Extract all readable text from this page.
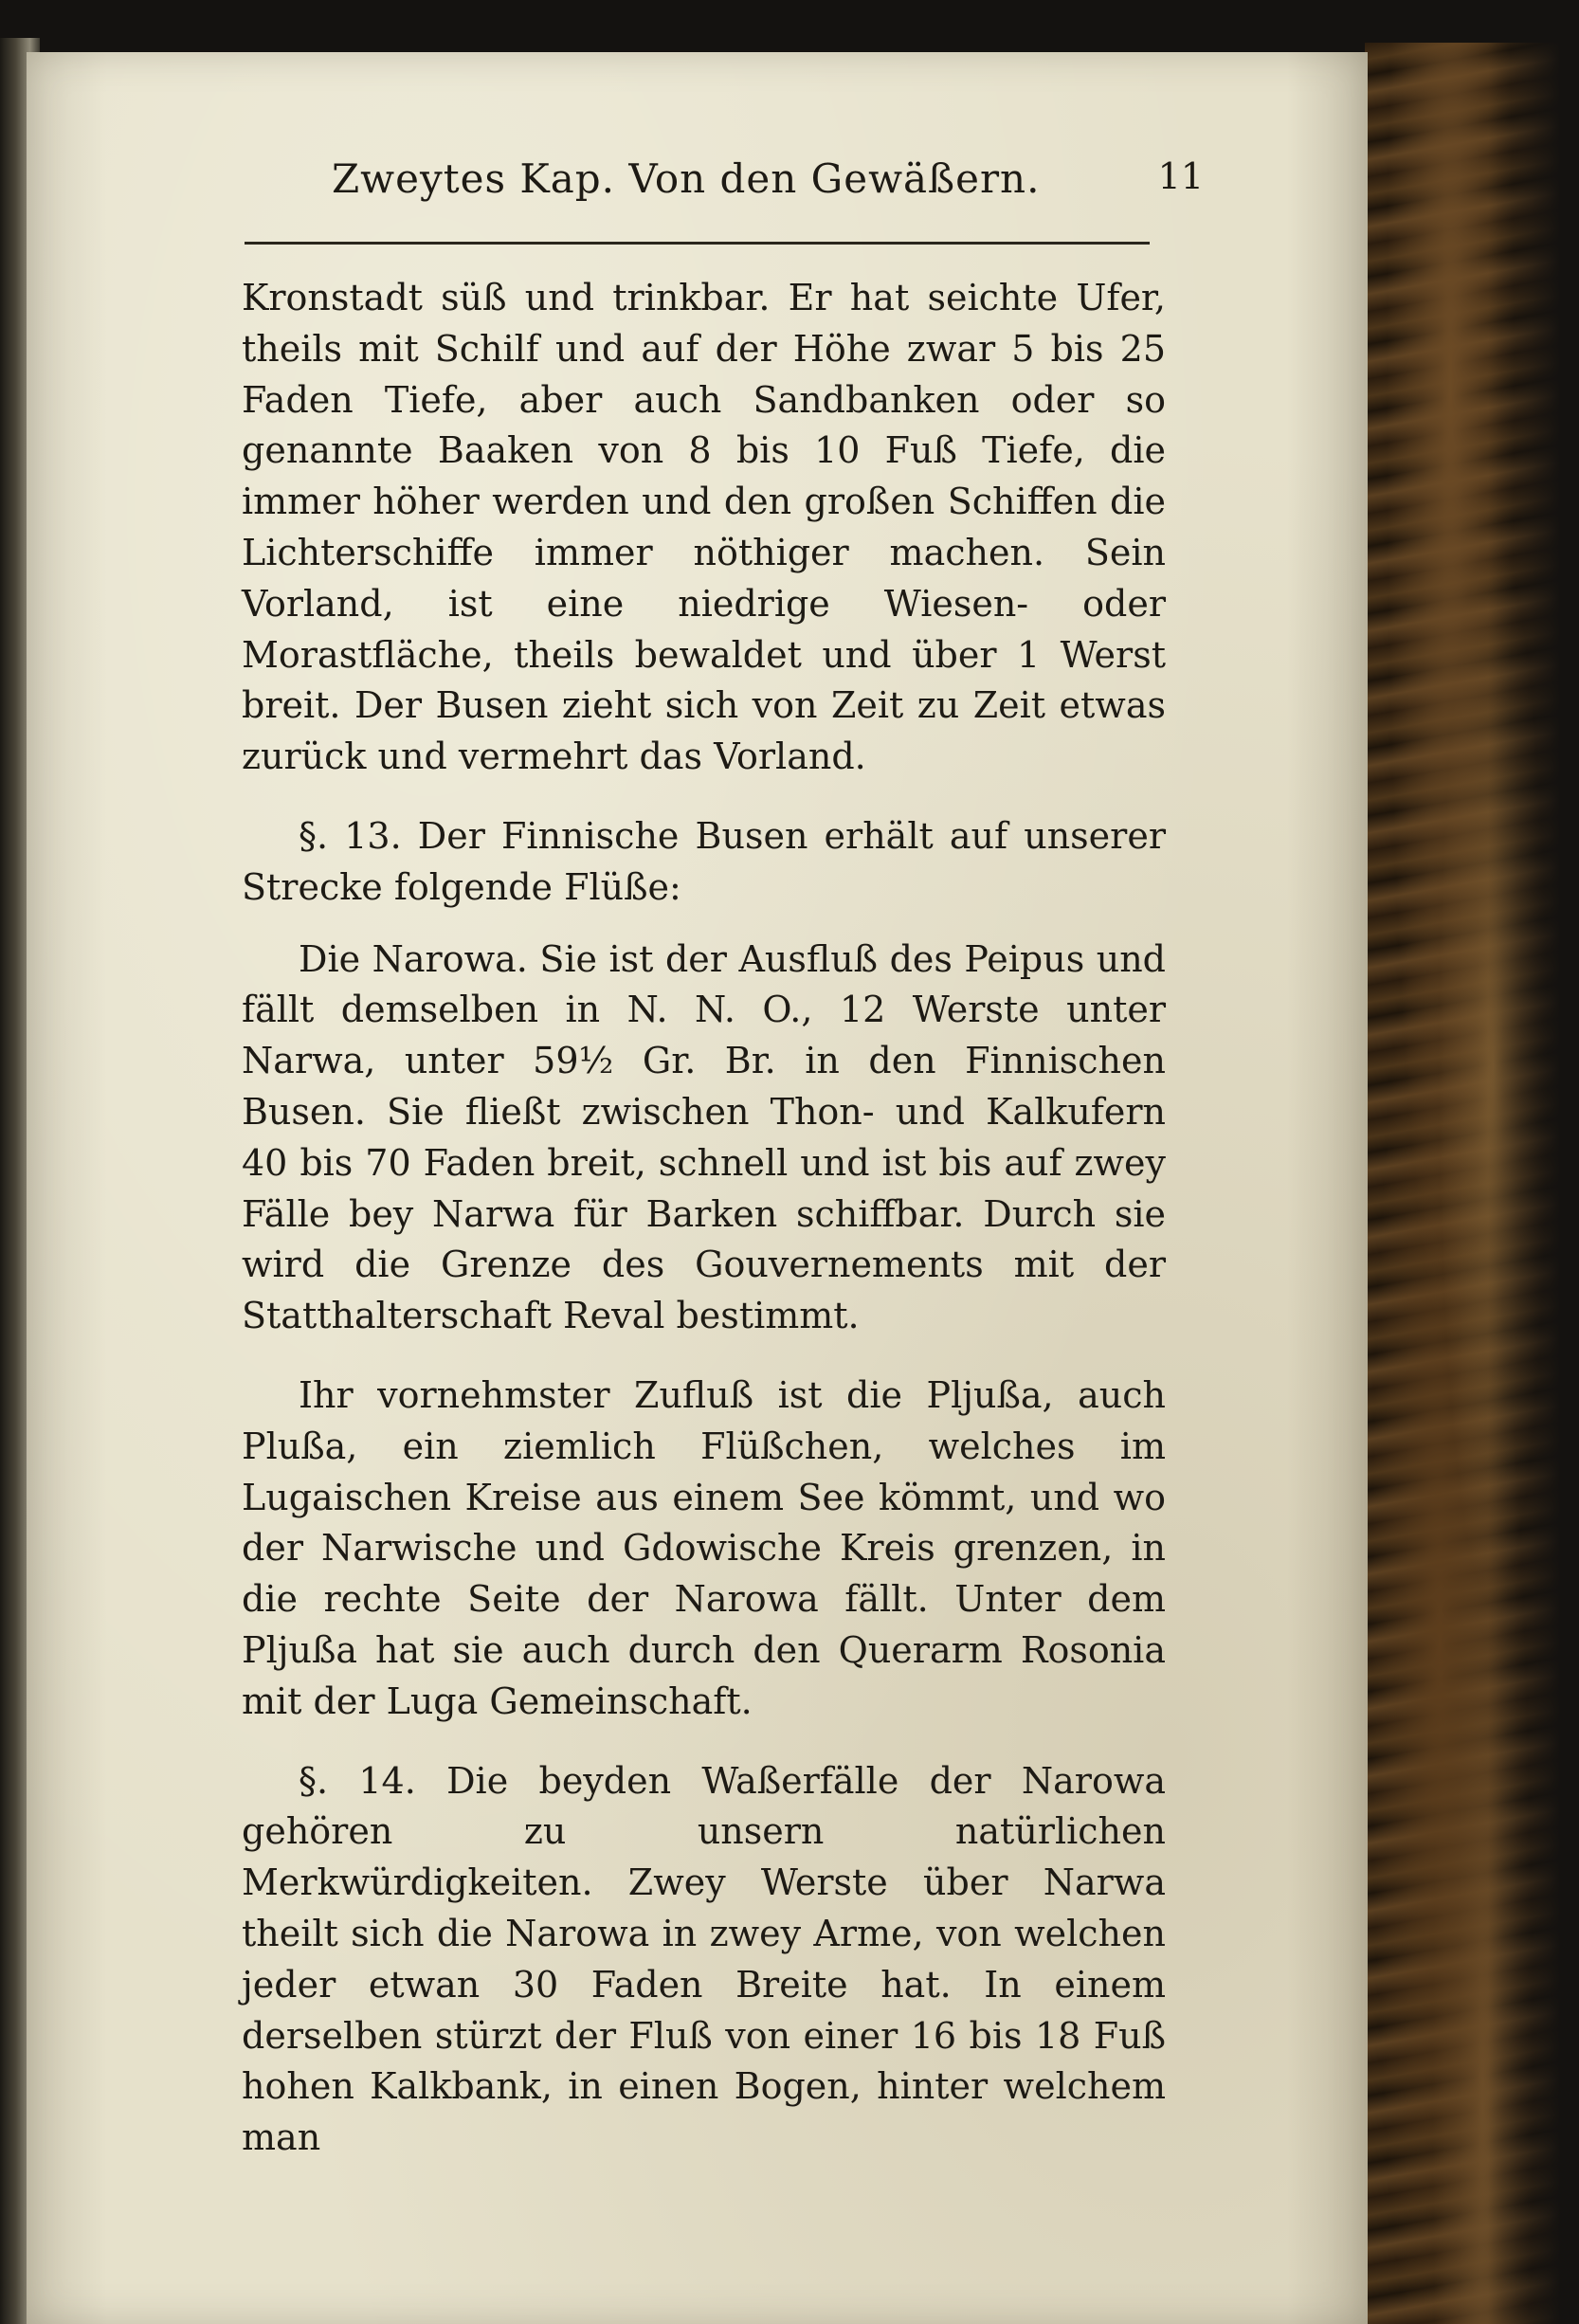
Zweytes Kap. Von den Gewäßern.	11

Kronstadt süß und trinkbar. Er hat seichte Ufer, theils mit Schilf und auf der Höhe zwar 5 bis 25 Faden Tiefe, aber auch Sandbanken oder so genannte Baaken von 8 bis 10 Fuß Tiefe, die immer höher werden und den großen Schiffen die Lichterschiffe immer nöthiger machen. Sein Vorland, ist eine niedrige Wiesen- oder Morastfläche, theils bewaldet und über 1 Werst breit. Der Busen zieht sich von Zeit zu Zeit etwas zurück und vermehrt das Vorland.

§. 13. Der Finnische Busen erhält auf unserer Strecke folgende Flüße:

Die Narowa. Sie ist der Ausfluß des Peipus und fällt demselben in N. N. O., 12 Werste unter Narwa, unter 59½ Gr. Br. in den Finnischen Busen. Sie fließt zwischen Thon- und Kalkufern 40 bis 70 Faden breit, schnell und ist bis auf zwey Fälle bey Narwa für Barken schiffbar. Durch sie wird die Grenze des Gouvernements mit der Statthalterschaft Reval bestimmt.

Ihr vornehmster Zufluß ist die Pljußa, auch Plußa, ein ziemlich Flüßchen, welches im Lugaischen Kreise aus einem See kömmt, und wo der Narwische und Gdowische Kreis grenzen, in die rechte Seite der Narowa fällt. Unter dem Pljußa hat sie auch durch den Querarm Rosonia mit der Luga Gemeinschaft.

§. 14. Die beyden Waßerfälle der Narowa gehören zu unsern natürlichen Merkwürdigkeiten. Zwey Werste über Narwa theilt sich die Narowa in zwey Arme, von welchen jeder etwan 30 Faden Breite hat. In einem derselben stürzt der Fluß von einer 16 bis 18 Fuß hohen Kalkbank, in einen Bogen, hinter welchem man
